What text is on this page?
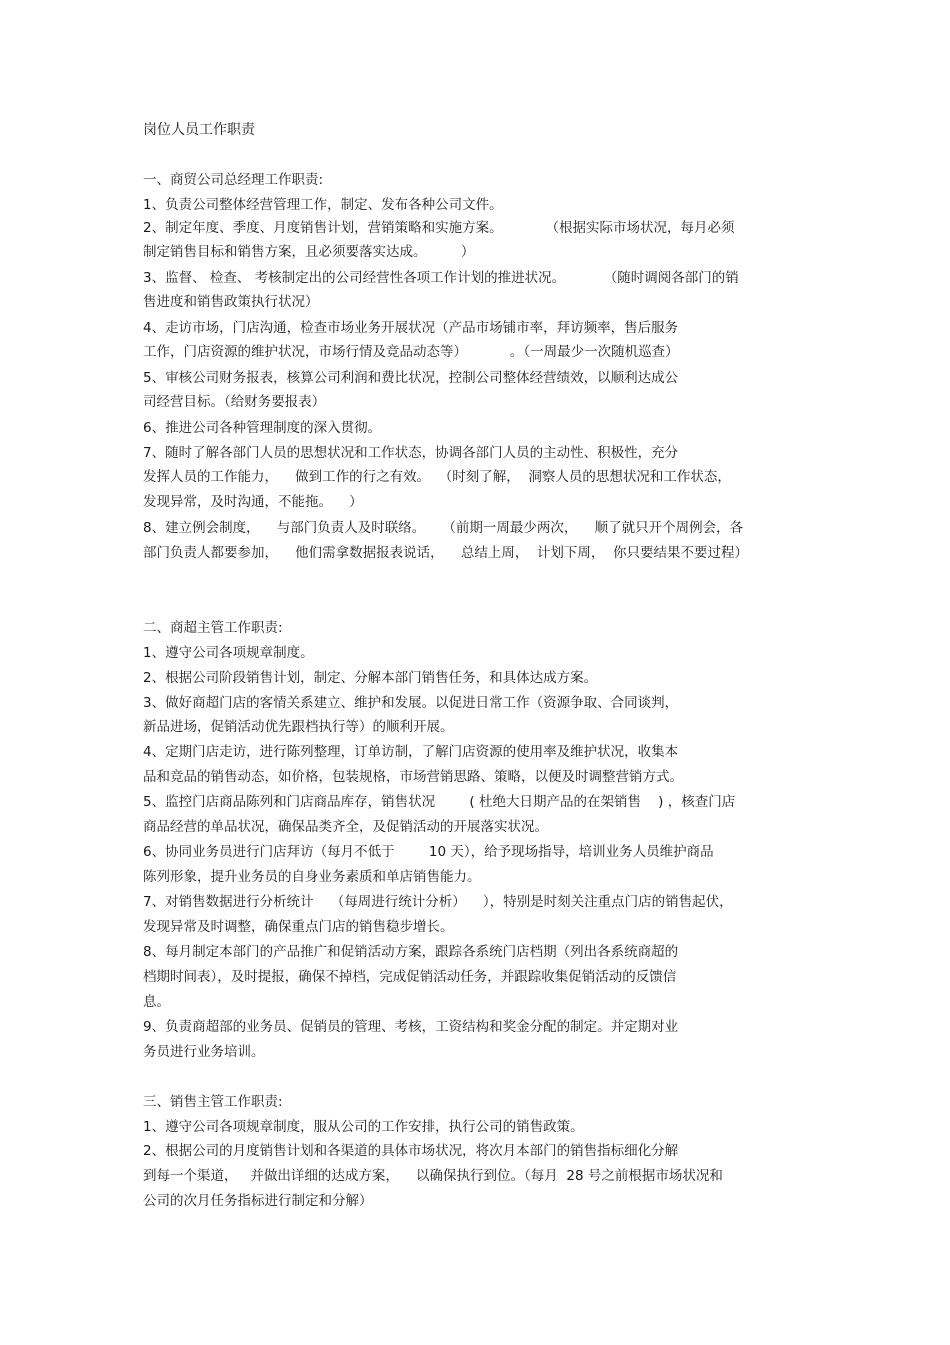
岗位人员工作职责

一、商贸公司总经理工作职责:

1、负责公司整体经营管理工作，制定、发布各种公司文件。

2、制定年度、季度、月度销售计划，营销策略和实施方案。          （根据实际市场状况，每月必须

制定销售目标和销售方案，且必须要落实达成。        ）

3、监督、 检查、 考核制定出的公司经营性各项工作计划的推进状况。         （随时调阅各部门的销

售进度和销售政策执行状况）

4、走访市场，门店沟通，检查市场业务开展状况（产品市场铺市率，拜访频率，售后服务

工作，门店资源的维护状况，市场行情及竞品动态等）          。（一周最少一次随机巡查）

5、审核公司财务报表，核算公司利润和费比状况，控制公司整体经营绩效，以顺利达成公

司经营目标。（给财务要报表）

6、推进公司各种管理制度的深入贯彻。

7、随时了解各部门人员的思想状况和工作状态，协调各部门人员的主动性、积极性，充分

发挥人员的工作能力，    做到工作的行之有效。  （时刻了解，  洞察人员的思想状况和工作状态，

发现异常，及时沟通，不能拖。    ）

8、建立例会制度，    与部门负责人及时联络。    （前期一周最少两次，    顺了就只开个周例会，各

部门负责人都要参加，    他们需拿数据报表说话，    总结上周，  计划下周，  你只要结果不要过程）

二、商超主管工作职责:

1、遵守公司各项规章制度。

2、根据公司阶段销售计划，制定、分解本部门销售任务，和具体达成方案。

3、做好商超门店的客情关系建立、维护和发展。以促进日常工作（资源争取、合同谈判，

新品进场，促销活动优先跟档执行等）的顺利开展。

4、定期门店走访，进行陈列整理，订单访制，了解门店资源的使用率及维护状况，收集本

品和竞品的销售动态，如价格，包装规格，市场营销思路、策略，以便及时调整营销方式。

5、监控门店商品陈列和门店商品库存，销售状况        ( 杜绝大日期产品的在架销售    ) ，核查门店

商品经营的单品状况，确保品类齐全，及促销活动的开展落实状况。

6、协同业务员进行门店拜访（每月不低于        10 天），给予现场指导，培训业务人员维护商品

陈列形象，提升业务员的自身业务素质和单店销售能力。

7、对销售数据进行分析统计    （每周进行统计分析）    ），特别是时刻关注重点门店的销售起伏，

发现异常及时调整，确保重点门店的销售稳步增长。

8、每月制定本部门的产品推广和促销活动方案，跟踪各系统门店档期（列出各系统商超的

档期时间表），及时提报，确保不掉档，完成促销活动任务，并跟踪收集促销活动的反馈信

息。

9、负责商超部的业务员、促销员的管理、考核，工资结构和奖金分配的制定。并定期对业

务员进行业务培训。

三、销售主管工作职责:

1、遵守公司各项规章制度，服从公司的工作安排，执行公司的销售政策。

2、根据公司的月度销售计划和各渠道的具体市场状况，将次月本部门的销售指标细化分解

到每一个渠道，   并做出详细的达成方案，    以确保执行到位。（每月  28 号之前根据市场状况和

公司的次月任务指标进行制定和分解）
